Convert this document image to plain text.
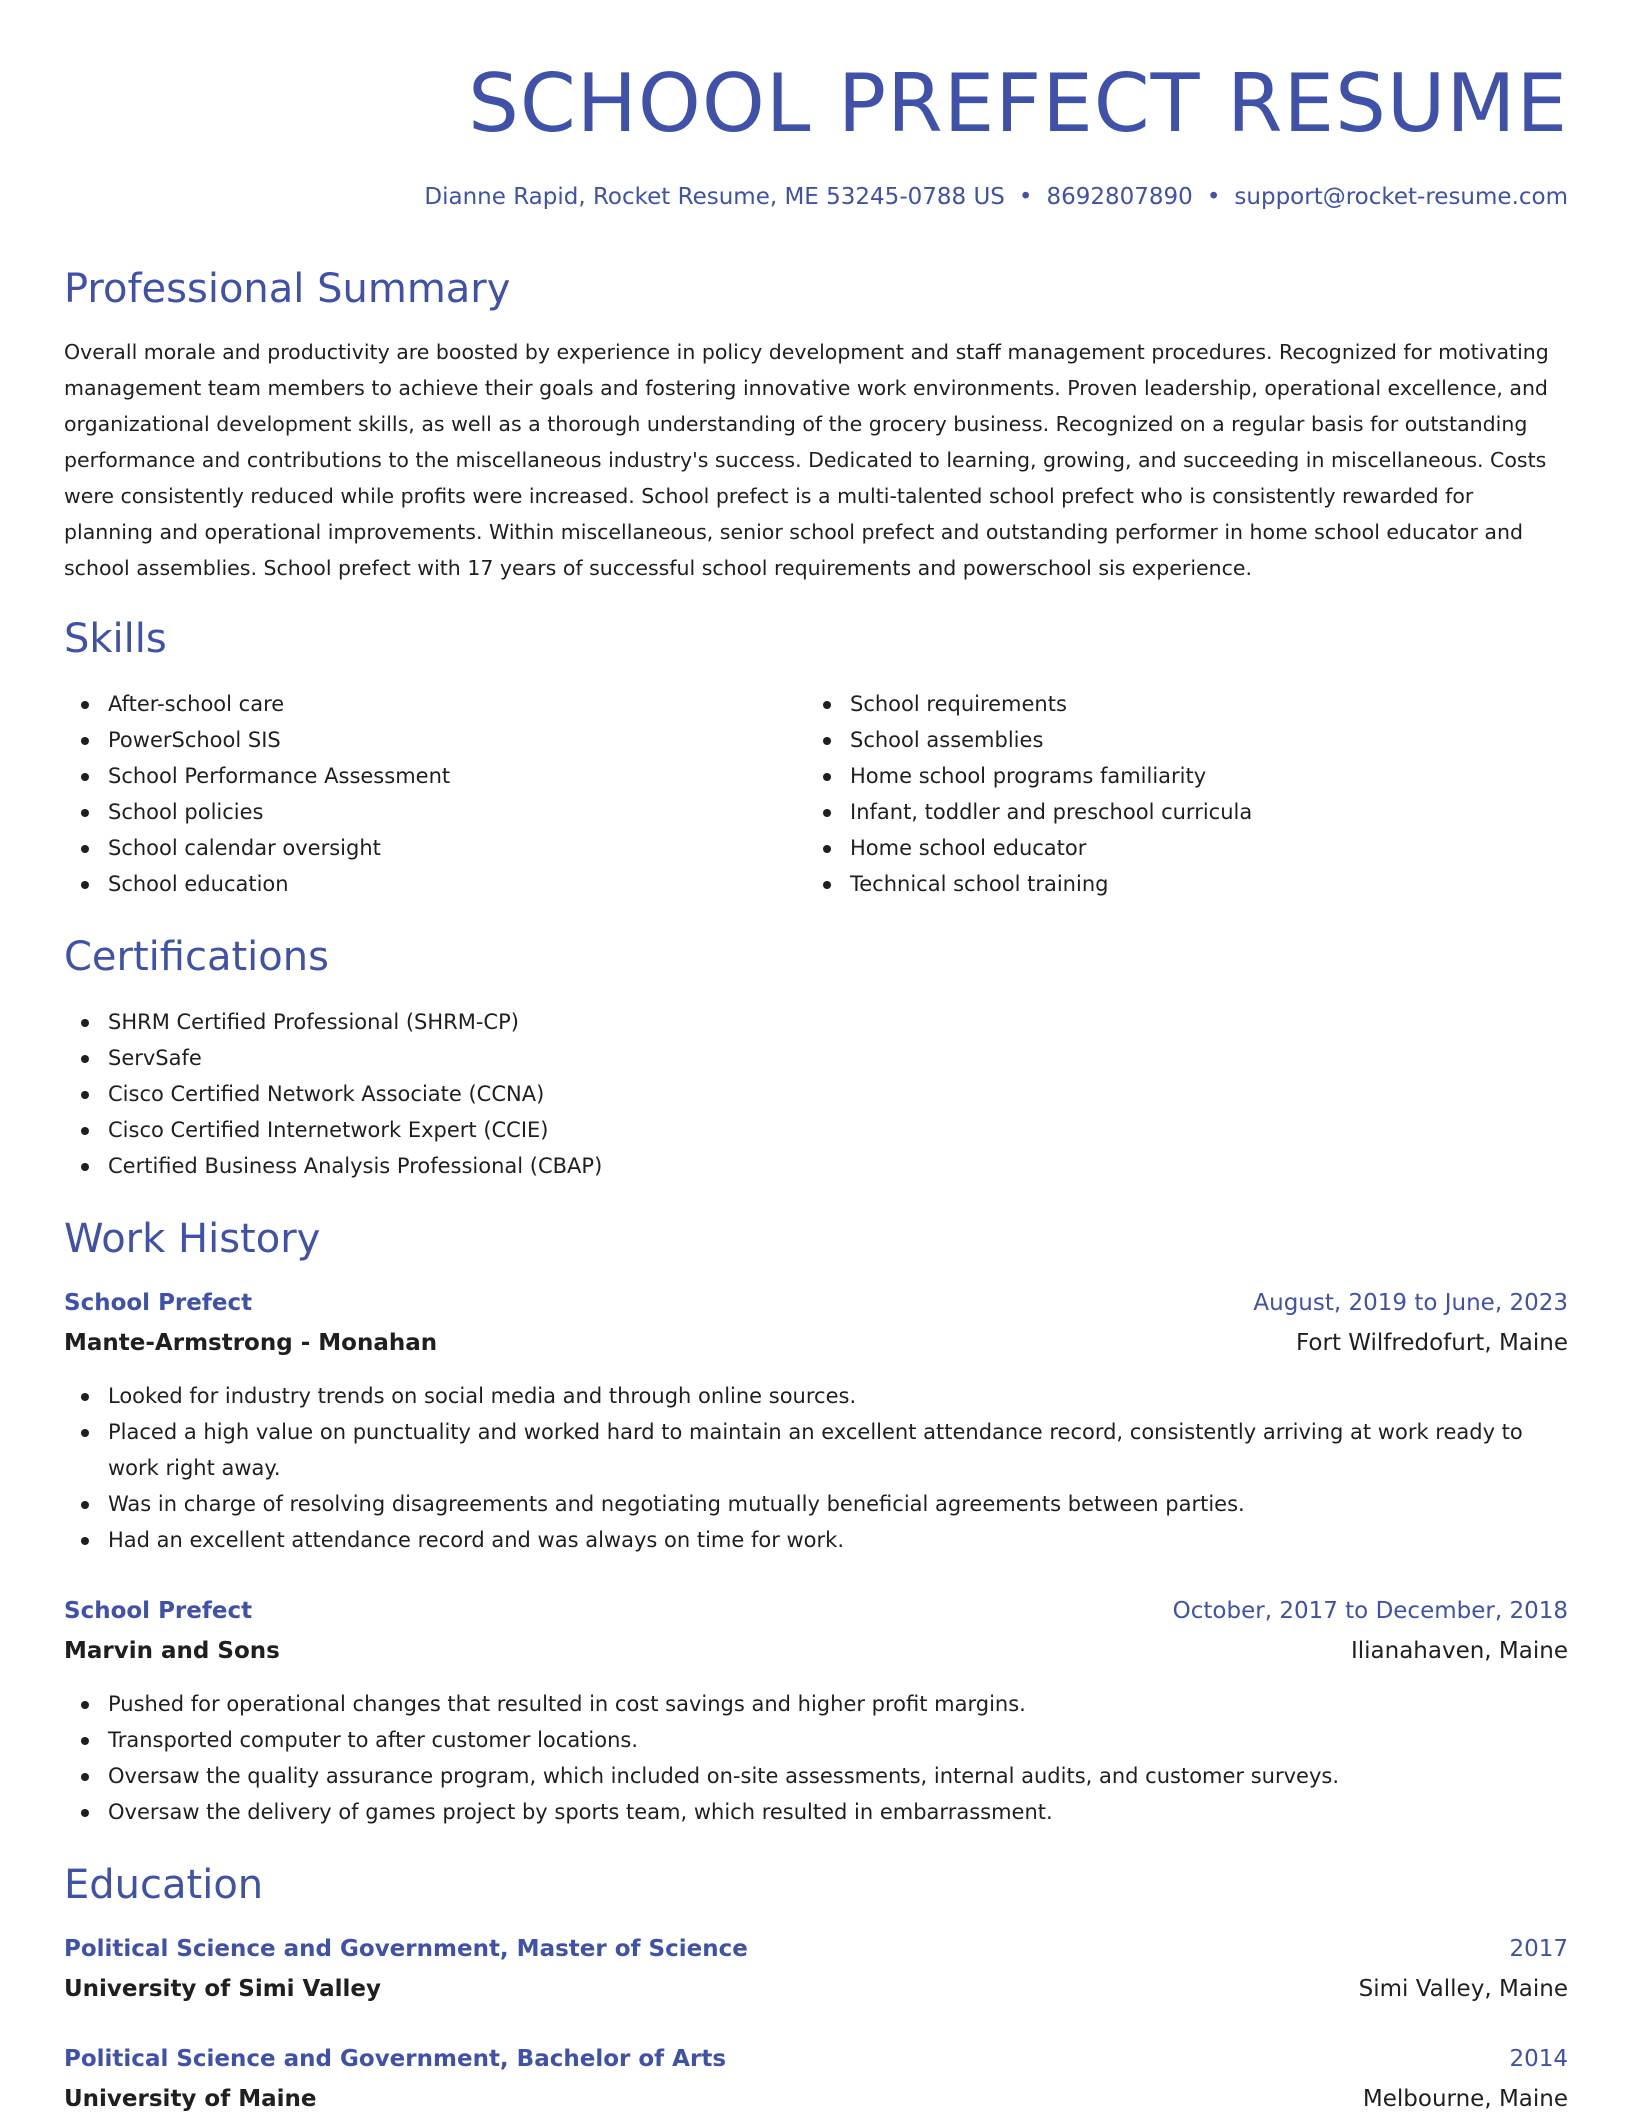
SCHOOL PREFECT RESUME
Dianne Rapid, Rocket Resume, ME 53245-0788 US • 8692807890 • support@rocket-resume.com
Professional Summary

Overall morale and productivity are boosted by experience in policy development and staff management procedures. Recognized for motivating management team members to achieve their goals and fostering innovative work environments. Proven leadership, operational excellence, and organizational development skills, as well as a thorough understanding of the grocery business. Recognized on a regular basis for outstanding performance and contributions to the miscellaneous industry's success. Dedicated to learning, growing, and succeeding in miscellaneous. Costs were consistently reduced while profits were increased. School prefect is a multi-talented school prefect who is consistently rewarded for planning and operational improvements. Within miscellaneous, senior school prefect and outstanding performer in home school educator and school assemblies. School prefect with 17 years of successful school requirements and powerschool sis experience.

Skills
After-school care
PowerSchool SIS
School Performance Assessment
School policies
School calendar oversight
School education
School requirements
School assemblies
Home school programs familiarity
Infant, toddler and preschool curricula
Home school educator
Technical school training
Certifications
SHRM Certified Professional (SHRM-CP)
ServSafe
Cisco Certified Network Associate (CCNA)
Cisco Certified Internetwork Expert (CCIE)
Certified Business Analysis Professional (CBAP)
Work History
School Prefect	August, 2019 to June, 2023
Mante-Armstrong - Monahan	Fort Wilfredofurt, Maine
Looked for industry trends on social media and through online sources.
Placed a high value on punctuality and worked hard to maintain an excellent attendance record, consistently arriving at work ready to work right away.
Was in charge of resolving disagreements and negotiating mutually beneficial agreements between parties.
Had an excellent attendance record and was always on time for work.
School Prefect	October, 2017 to December, 2018
Marvin and Sons	Ilianahaven, Maine
Pushed for operational changes that resulted in cost savings and higher profit margins.
Transported computer to after customer locations.
Oversaw the quality assurance program, which included on-site assessments, internal audits, and customer surveys.
Oversaw the delivery of games project by sports team, which resulted in embarrassment.
Education
Political Science and Government, Master of Science	2017
University of Simi Valley	Simi Valley, Maine
Political Science and Government, Bachelor of Arts	2014
University of Maine	Melbourne, Maine
